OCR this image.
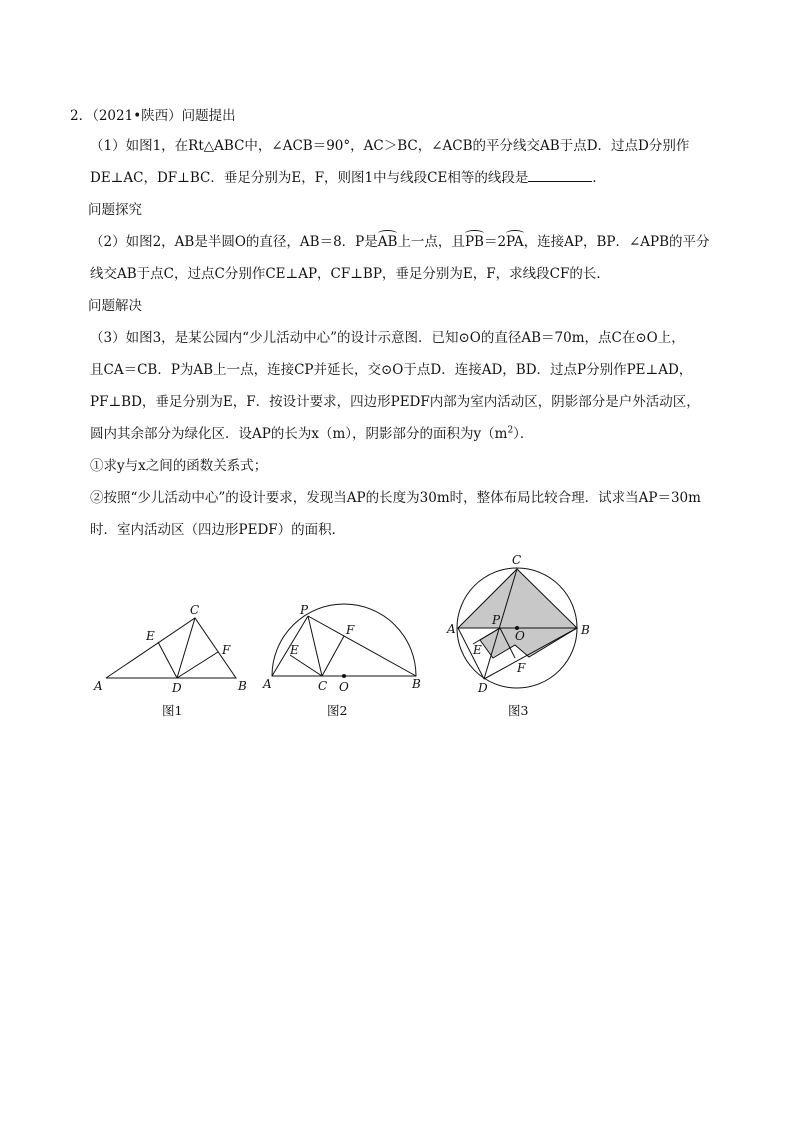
2．（2021•陕西）问题提出
（1）如图1，在Rt△ABC中，∠ACB＝90°，AC＞BC，∠ACB的平分线交AB于点D．过点D分别作
DE⊥AC，DF⊥BC．垂足分别为E，F，则图1中与线段CE相等的线段是	．
问题探究
（2）如图2，AB是半圆O的直径，AB＝8．P是AB上一点，且PB＝2PA，连接AP，BP．∠APB的平分
线交AB于点C，过点C分别作CE⊥AP，CF⊥BP，垂足分别为E，F，求线段CF的长．
问题解决
（3）如图3，是某公园内“少儿活动中心”的设计示意图．已知⊙O的直径AB＝70m，点C在⊙O上，
且CA＝CB．P为AB上一点，连接CP并延长，交⊙O于点D．连接AD，BD．过点P分别作PE⊥AD，
PF⊥BD，垂足分别为E，F．按设计要求，四边形PEDF内部为室内活动区，阴影部分是户外活动区，
圆内其余部分为绿化区．设AP的长为x（m），阴影部分的面积为$y(m^2)$．
①求y与x之间的函数关系式；
②按照“少儿活动中心”的设计要求，发现当AP的长度为30m时，整体布局比较合理．试求当AP＝30m
时．室内活动区（四边形PEDF）的面积．
A	B
C
D
E
F
图1
A	B
C O
P
E
F
图2
A	B
C
D
O
P
E
F
图3
